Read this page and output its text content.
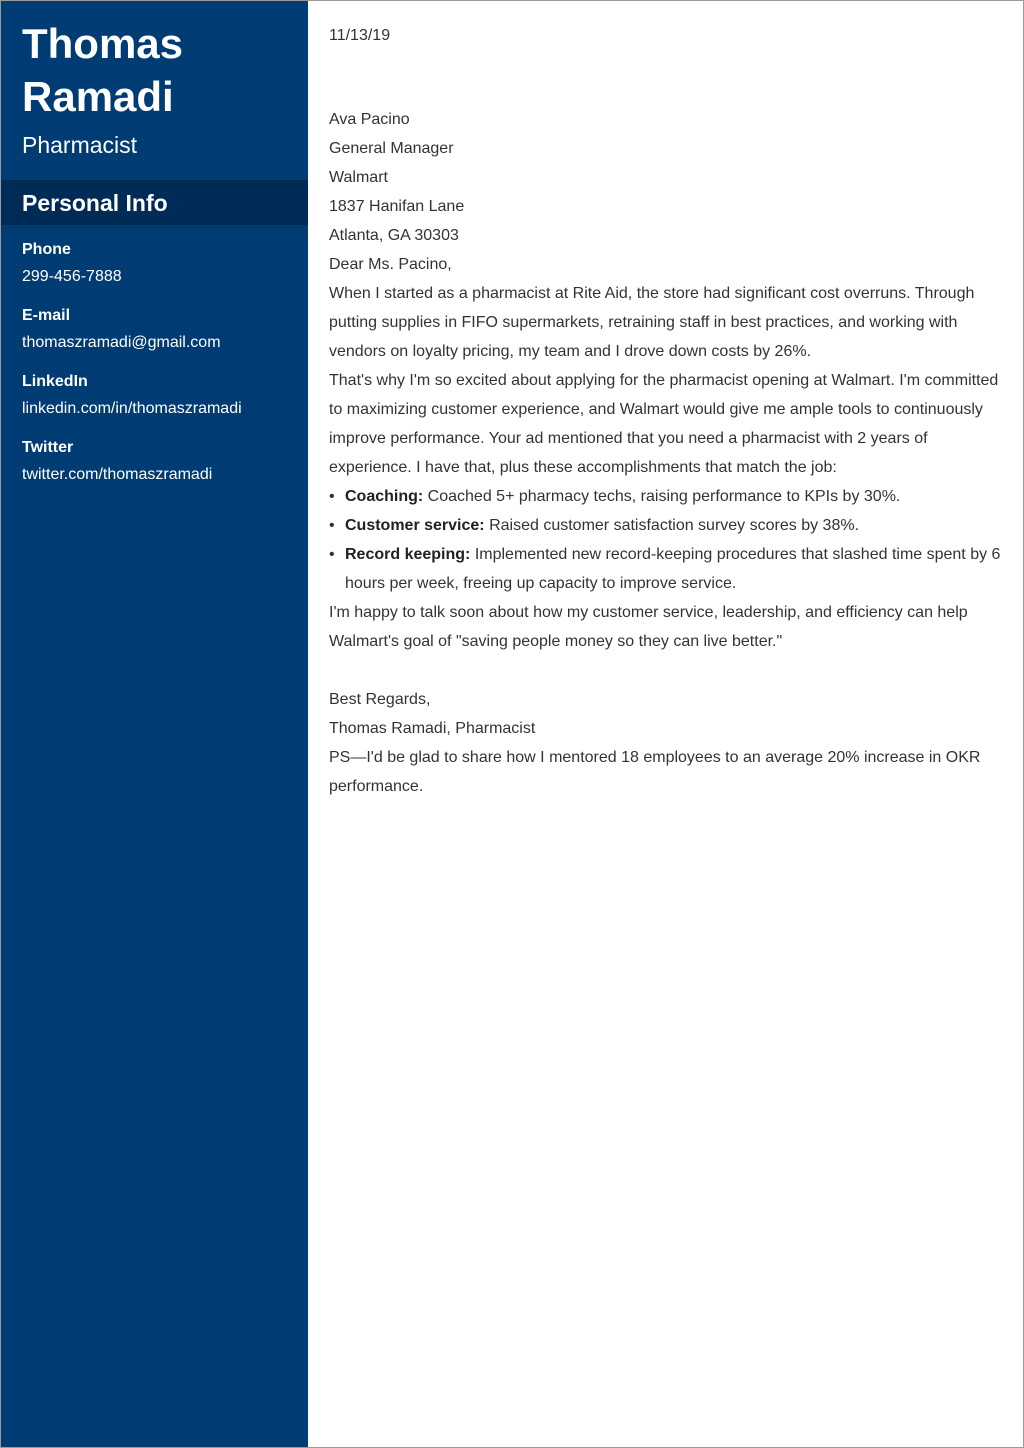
Thomas
Ramadi
Pharmacist
Personal Info
Phone
299-456-7888
E-mail
thomaszramadi@gmail.com
LinkedIn
linkedin.com/in/thomaszramadi
Twitter
twitter.com/thomaszramadi

11/13/19

Ava Pacino

General Manager

Walmart

1837 Hanifan Lane

Atlanta, GA 30303

Dear Ms. Pacino,

When I started as a pharmacist at Rite Aid, the store had significant cost overruns. Through putting supplies in FIFO supermarkets, retraining staff in best practices, and working with vendors on loyalty pricing, my team and I drove down costs by 26%.

That's why I'm so excited about applying for the pharmacist opening at Walmart. I'm committed to maximizing customer experience, and Walmart would give me ample tools to continuously improve performance. Your ad mentioned that you need a pharmacist with 2 years of experience. I have that, plus these accomplishments that match the job:

• Coaching: Coached 5+ pharmacy techs, raising performance to KPIs by 30%.
• Customer service: Raised customer satisfaction survey scores by 38%.
• Record keeping: Implemented new record-keeping procedures that slashed time spent by 6 hours per week, freeing up capacity to improve service.

I'm happy to talk soon about how my customer service, leadership, and efficiency can help Walmart's goal of "saving people money so they can live better."

Best Regards,

Thomas Ramadi, Pharmacist

PS—I'd be glad to share how I mentored 18 employees to an average 20% increase in OKR performance.
